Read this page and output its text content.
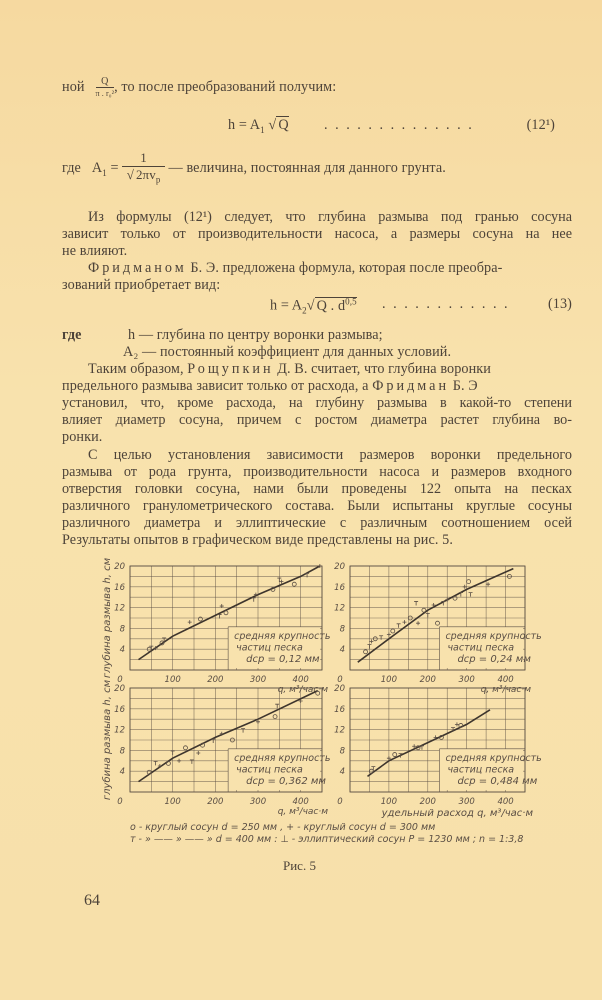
ной $\frac{Q}{\text{π . r₀²}}$ , то после преобразований получим:
$h = A_1$ √ Q . . . . . . . . . . . . . .	(12¹)
где $A_1 = \frac{1}{√ 2\pi v_p}$ — величина, постоянная для данного грунта.
Из формулы (12¹) следует, что глубина размыва под гранью сосуна
зависит только от производительности насоса, а размеры сосуна на нее
не влияют.
Фридманом Б. Э. предложена формула, которая после преобра-
зований приобретает вид:
$h = A_2√$ Q . $d^{0,5}$ . . . . . . . . . . . .	(13)
где	h — глубина по центру воронки размыва;
A₂ — постоянный коэффициент для данных условий.
Таким образом, Рощупкин Д. В. считает, что глубина воронки
предельного размыва зависит только от расхода, а Фридман Б. Э
установил, что, кроме расхода, на глубину размыва в какой-то степени
влияет диаметр сосуна, причем с ростом диаметра растет глубина во-
ронки.
С целью установления зависимости размеров воронки предельного
размыва от рода грунта, производительности насоса и размеров входного
отверстия головки сосуна, нами были проведены 122 опыта на песках
различного гранулометрического состава. Были испытаны круглые сосуны
различного диаметра и эллиптические с различным соотношением осей
Результаты опытов в графическом виде представлены на рис. 5.
средняя крупность
частиц песка
dср = 0,12 мм
4
8
12
16
20
0	100	200	300	400
глубина размыва h, см
q, м³/час·м
средняя крупность
частиц песка
dср = 0,24 мм
4
8
12
16
20
0	100	200	300	400
q, м³/час·м
средняя крупность
частиц песка
dср = 0,362 мм
4
8
12
16
20
0	100	200	300	400
глубина размыва h, см
q, м³/час·м
средняя крупность
частиц песка
dср = 0,484 мм
4
8
12
16
20
0	100	200	300	400
удельный расход q, м³/час·м
о - круглый сосун d = 250 мм , + - круглый сосун d = 300 мм
т - » —— » —— » d = 400 мм : ⊥ - эллиптический сосун P = 1230 мм ; n = 1:3,8
Рис. 5
64
